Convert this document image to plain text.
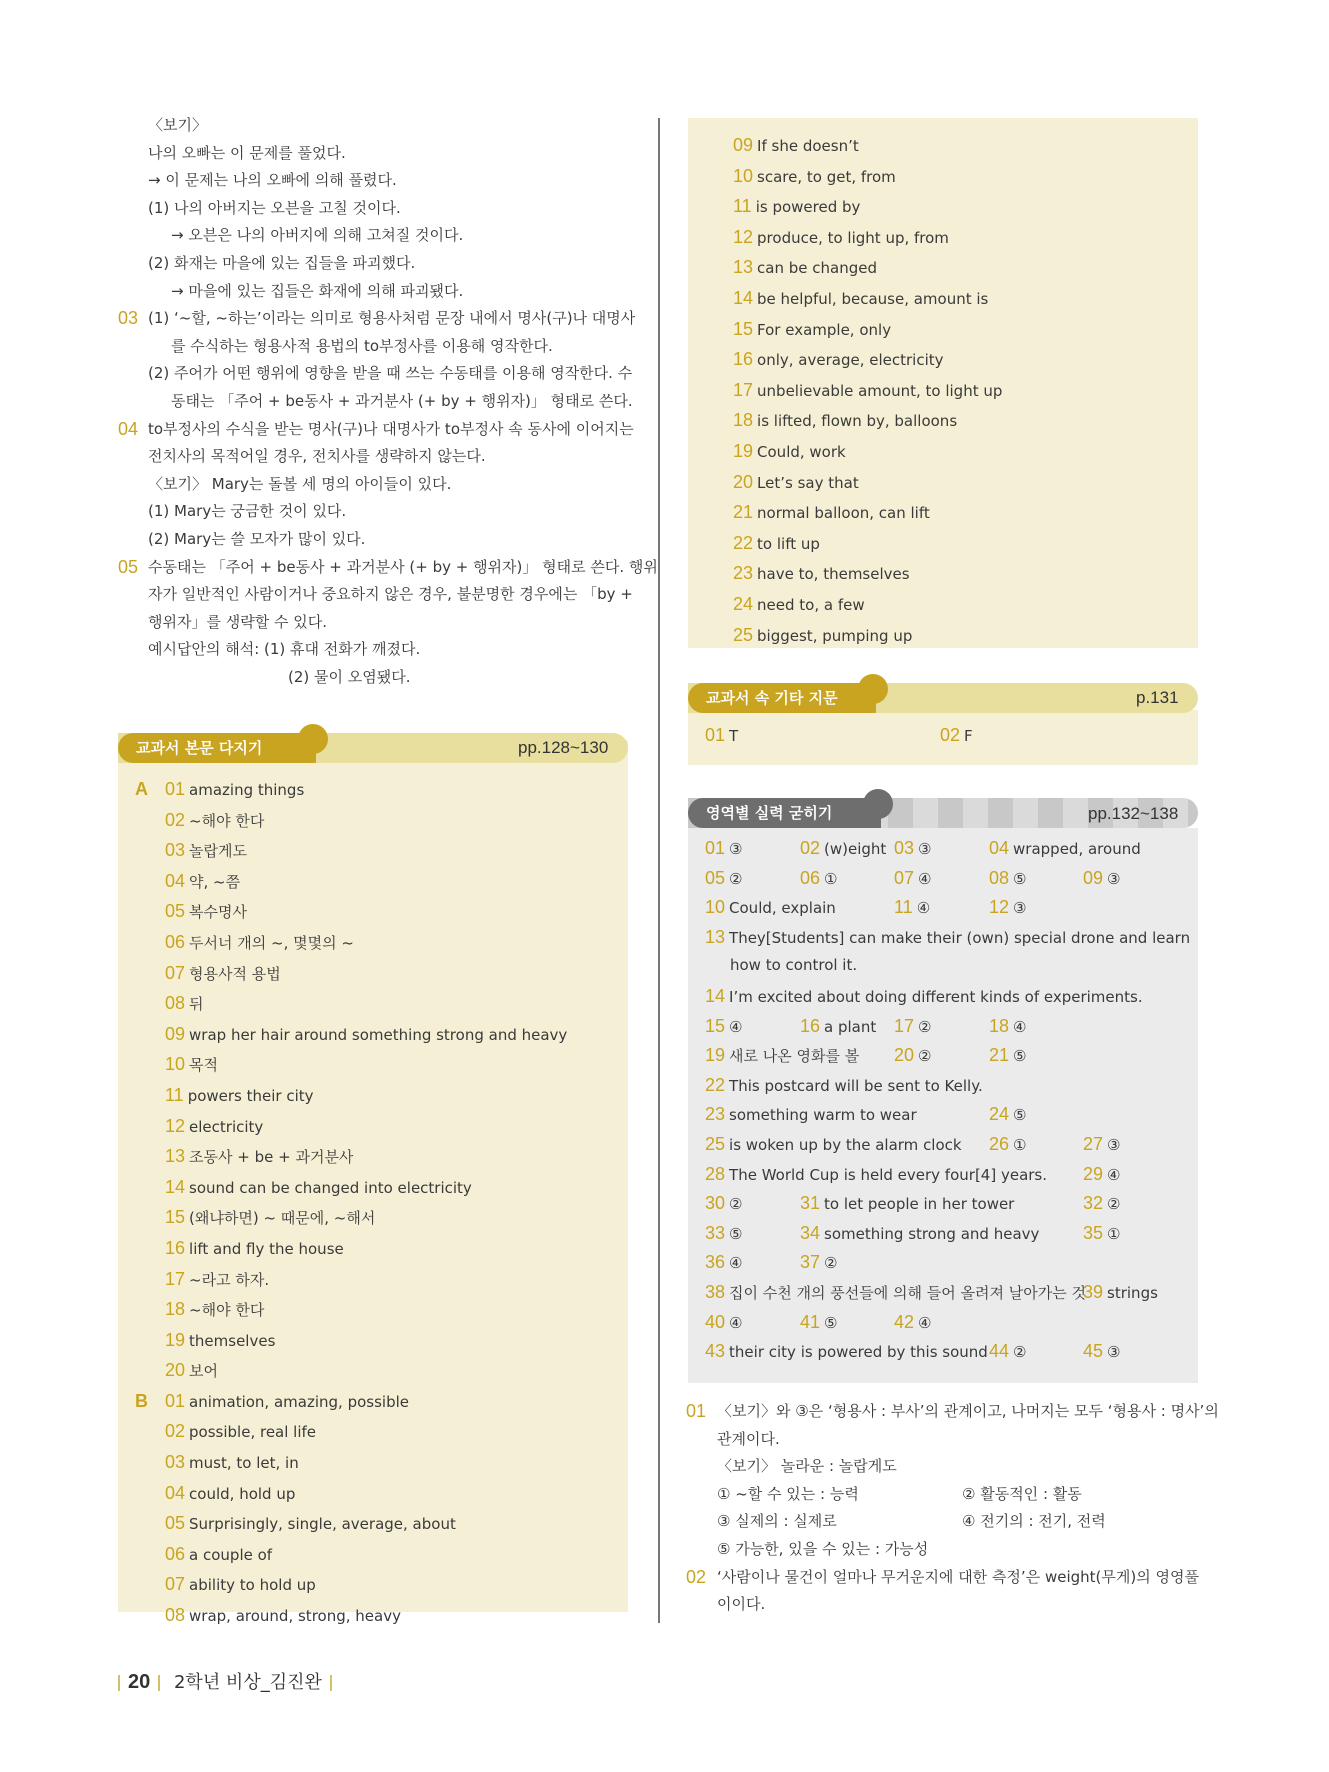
〈보기〉
나의 오빠는 이 문제를 풀었다.
→ 이 문제는 나의 오빠에 의해 풀렸다.
(1) 나의 아버지는 오븐을 고칠 것이다.
→ 오븐은 나의 아버지에 의해 고쳐질 것이다.
(2) 화재는 마을에 있는 집들을 파괴했다.
→ 마을에 있는 집들은 화재에 의해 파괴됐다.
03 (1) ‘~할, ~하는’이라는 의미로 형용사처럼 문장 내에서 명사(구)나 대명사
를 수식하는 형용사적 용법의 to부정사를 이용해 영작한다.
(2) 주어가 어떤 행위에 영향을 받을 때 쓰는 수동태를 이용해 영작한다. 수
동태는 「주어 + be동사 + 과거분사 (+ by + 행위자)」 형태로 쓴다.
04 to부정사의 수식을 받는 명사(구)나 대명사가 to부정사 속 동사에 이어지는
전치사의 목적어일 경우, 전치사를 생략하지 않는다.
〈보기〉 Mary는 돌볼 세 명의 아이들이 있다.
(1) Mary는 궁금한 것이 있다.
(2) Mary는 쓸 모자가 많이 있다.
05 수동태는 「주어 + be동사 + 과거분사 (+ by + 행위자)」 형태로 쓴다. 행위
자가 일반적인 사람이거나 중요하지 않은 경우, 불분명한 경우에는 「by +
행위자」를 생략할 수 있다.
예시답안의 해석: (1) 휴대 전화가 깨졌다.
(2) 물이 오염됐다.
교과서 본문 다지기	pp.128~130
A 01 amazing things
02 ~해야 한다
03 놀랍게도
04 약, ~쯤
05 복수명사
06 두서너 개의 ~, 몇몇의 ~
07 형용사적 용법
08 뒤
09 wrap her hair around something strong and heavy
10 목적
11 powers their city
12 electricity
13 조동사 + be + 과거분사
14 sound can be changed into electricity
15 (왜냐하면) ~ 때문에, ~해서
16 lift and fly the house
17 ~라고 하자.
18 ~해야 한다
19 themselves
20 보어
B 01 animation, amazing, possible
02 possible, real life
03 must, to let, in
04 could, hold up
05 Surprisingly, single, average, about
06 a couple of
07 ability to hold up
08 wrap, around, strong, heavy
09 If she doesn’t
10 scare, to get, from
11 is powered by
12 produce, to light up, from
13 can be changed
14 be helpful, because, amount is
15 For example, only
16 only, average, electricity
17 unbelievable amount, to light up
18 is lifted, flown by, balloons
19 Could, work
20 Let’s say that
21 normal balloon, can lift
22 to lift up
23 have to, themselves
24 need to, a few
25 biggest, pumping up
교과서 속 기타 지문	p.131
01 T	02 F
영역별 실력 굳히기	pp.132~138
01 ③	02 (w)eight 03 ③	04 wrapped, around
05 ②	06 ①	07 ④	08 ⑤	09 ③
10 Could, explain	11 ④	12 ③
13 They[Students] can make their (own) special drone and learn
how to control it.
14 I’m excited about doing different kinds of experiments.
15 ④	16 a plant 17 ②	18 ④
19 새로 나온 영화를 볼 20 ②	21 ⑤
22 This postcard will be sent to Kelly.
23 something warm to wear	24 ⑤
25 is woken up by the alarm clock 26 ①	27 ③
28 The World Cup is held every four[4] years. 29 ④
30 ②	31 to let people in her tower	32 ②
33 ⑤	34 something strong and heavy 35 ①
36 ④	37 ②
38 집이 수천 개의 풍선들에 의해 들어 올려져 날아가는 것
39 strings
40 ④	41 ⑤	42 ④
43 their city is powered by this sound 44 ②	45 ③
01 〈보기〉와 ③은 ‘형용사 : 부사’의 관계이고, 나머지는 모두 ‘형용사 : 명사’의
관계이다.
〈보기〉 놀라운 : 놀랍게도
① ~할 수 있는 : 능력	② 활동적인 : 활동
③ 실제의 : 실제로	④ 전기의 : 전기, 전력
⑤ 가능한, 있을 수 있는 : 가능성
02 ‘사람이나 물건이 얼마나 무거운지에 대한 측정’은 weight(무게)의 영영풀
이이다.
20 2학년 비상_김진완
